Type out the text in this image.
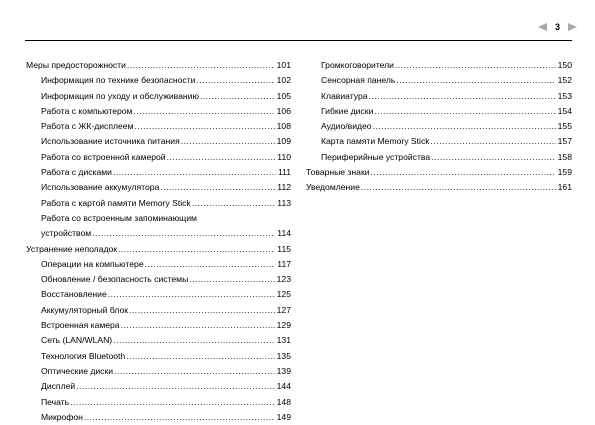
3
Меры предосторожности .....	101
Информация по технике безопасности .....	102
Информация по уходу и обслуживанию .....	105
Работа с компьютером .....	106
Работа с ЖК-дисплеем .....	108
Использование источника питания .....	109
Работа со встроенной камерой .....	110
Работа с дисками .....	111
Использование аккумулятора .....	112
Работа с картой памяти Memory Stick .....	113
Работа со встроенным запоминающим
устройством .....	114
Устранение неполадок .....	115
Операции на компьютере .....	117
Обновление / безопасность системы .....	123
Восстановление .....	125
Аккумуляторный блок .....	127
Встроенная камера .....	129
Сеть (LAN/WLAN) .....	131
Технология Bluetooth .....	135
Оптические диски .....	139
Дисплей .....	144
Печать .....	148
Микрофон .....	149
Громкоговорители .....	150
Сенсорная панель .....	152
Клавиатура .....	153
Гибкие диски .....	154
Аудио/видео .....	155
Карта памяти Memory Stick .....	157
Периферийные устройства .....	158
Товарные знаки .....	159
Уведомление .....	161
